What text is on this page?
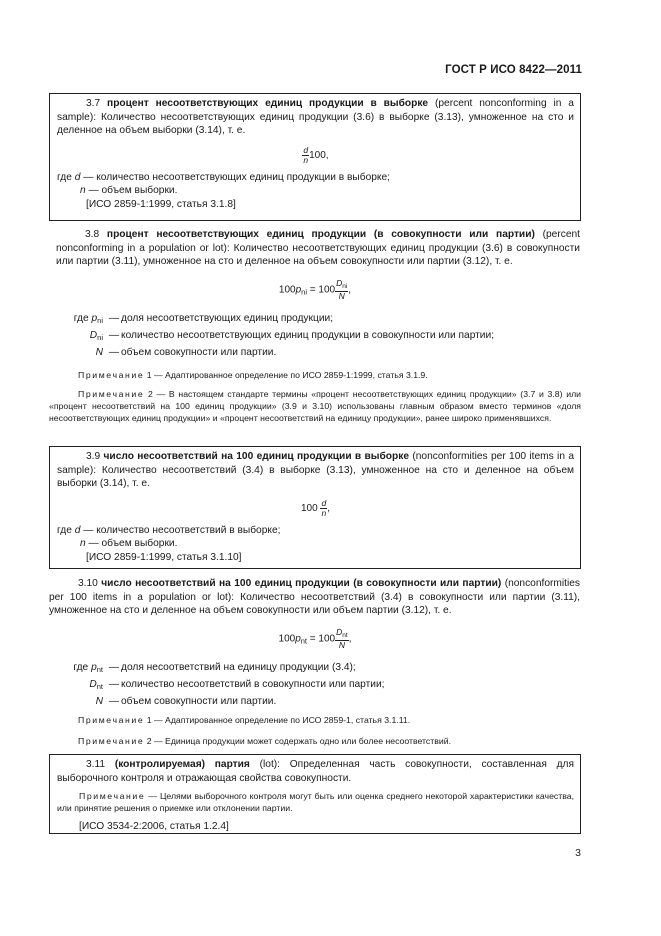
ГОСТ Р ИСО 8422—2011
3.7 процент несоответствующих единиц продукции в выборке (percent nonconforming in a sample): Количество несоответствующих единиц продукции (3.6) в выборке (3.13), умноженное на сто и деленное на объем выборки (3.14), т. е.
$\frac{d}{n} 100$,
где d — количество несоответствующих единиц продукции в выборке;
n — объем выборки.
[ИСО 2859-1:1999, статья 3.1.8]
3.8 процент несоответствующих единиц продукции (в совокупности или партии) (percent nonconforming in a population or lot): Количество несоответствующих единиц продукции (3.6) в совокупности или партии (3.11), умноженное на сто и деленное на объем совокупности или партии (3.12), т. е.
$100p_{ni} = 100 \frac{D_{ni}}{N}$ ,
где $p_{ni}$ — доля несоответствующих единиц продукции;
$D_{ni}$ — количество несоответствующих единиц продукции в совокупности или партии;
N — объем совокупности или партии.
Примечание 1 — Адаптированное определение по ИСО 2859-1:1999, статья 3.1.9.
Примечание 2 — В настоящем стандарте термины «процент несоответствующих единиц продукции» (3.7 и 3.8) или «процент несоответствий на 100 единиц продукции» (3.9 и 3.10) использованы главным образом вместо терминов «доля несоответствующих единиц продукции» и «процент несоответствий на единицу продукции», ранее широко применявшихся.
3.9 число несоответствий на 100 единиц продукции в выборке (nonconformities per 100 items in a sample): Количество несоответствий (3.4) в выборке (3.13), умноженное на сто и деленное на объем выборки (3.14), т. е.
$100 \frac{d}{n}$ ,
где d — количество несоответствий в выборке;
n — объем выборки.
[ИСО 2859-1:1999, статья 3.1.10]
3.10 число несоответствий на 100 единиц продукции (в совокупности или партии) (nonconformities per 100 items in a population or lot): Количество несоответствий (3.4) в совокупности или партии (3.11), умноженное на сто и деленное на объем совокупности или объем партии (3.12), т. е.
$100p_{nt} = 100 \frac{D_{nt}}{N}$ ,
где $p_{nt}$ — доля несоответствий на единицу продукции (3.4);
$D_{nt}$ — количество несоответствий в совокупности или партии;
N — объем совокупности или партии.
Примечание 1 — Адаптированное определение по ИСО 2859-1, статья 3.1.11.
Примечание 2 — Единица продукции может содержать одно или более несоответствий.
3.11 (контролируемая) партия (lot): Определенная часть совокупности, составленная для выборочного контроля и отражающая свойства совокупности.
Примечание — Целями выборочного контроля могут быть или оценка среднего некоторой характеристики качества, или принятие решения о приемке или отклонении партии.
[ИСО 3534-2:2006, статья 1.2.4]
3
